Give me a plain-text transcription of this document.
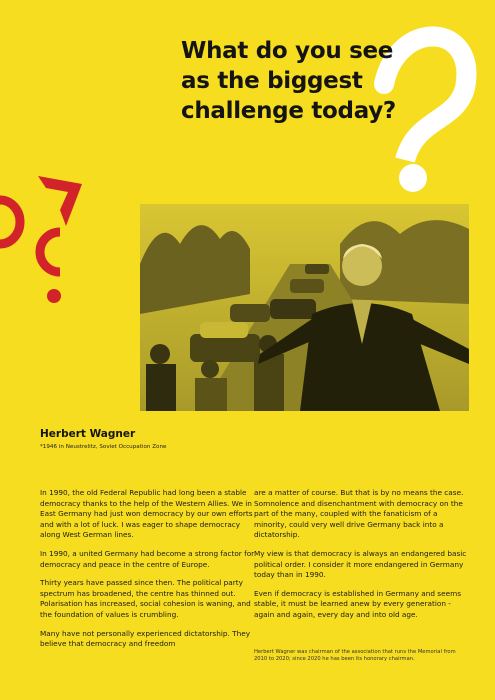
What do you see
as the biggest
challenge today?

Herbert Wagner

*1946 in Neustrelitz, Soviet Occupation Zone

In 1990, the old Federal Republic had long been a stable democracy thanks to the help of the Western Allies. We in East Germany had just won democracy by our own efforts and with a lot of luck. I was eager to shape democracy along West German lines.

In 1990, a united Germany had become a strong factor for democracy and peace in the centre of Europe.

Thirty years have passed since then. The political party spectrum has broadened, the centre has thinned out. Polarisation has increased, social cohesion is waning, and the foundation of values is crumbling.

Many have not personally experienced dictatorship. They believe that democracy and freedom

are a matter of course. But that is by no means the case. Somnolence and disenchantment with democracy on the part of the many, coupled with the fanaticism of a minority, could very well drive Germany back into a dictatorship.

My view is that democracy is always an endangered basic political order. I consider it more endangered in Germany today than in 1990.

Even if democracy is established in Germany and seems stable, it must be learned anew by every generation - again and again, every day and into old age.

Herbert Wagner was chairman of the association that runs the Memorial from 2010 to 2020; since 2020 he has been its honorary chairman.
